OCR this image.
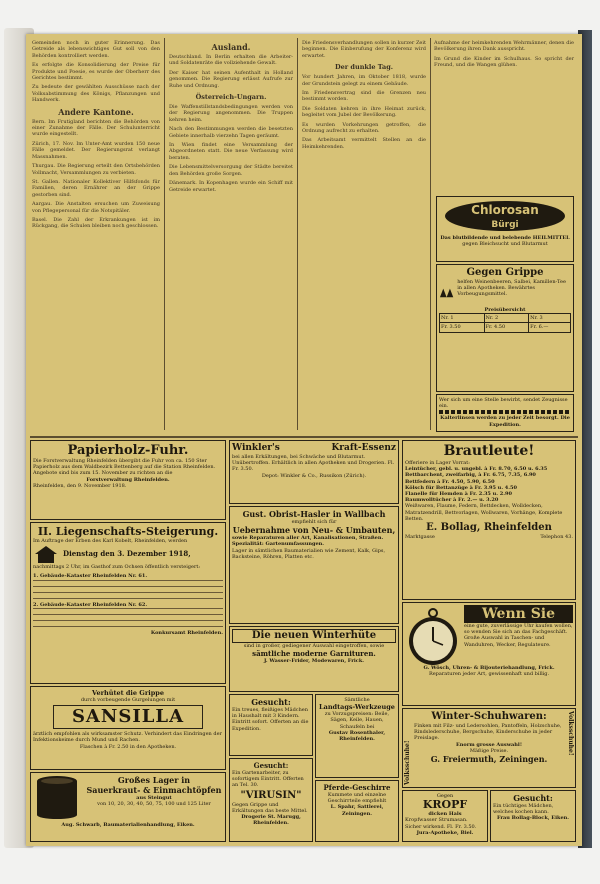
Gemeinden noch in guter Erinnerung. Das Getreide als lebenswichtiges Gut soll von den Behörden kontrolliert werden.

Es erfolgte die Konsolidierung der Preise für Produkte und Poesie, es wurde der Oberherr des Gerichtes bestimmt.

Zu bedeute der gewählten Ausschüsse nach der Volksabstimmung des Königs, Pflanzungen und Handwerk.

Andere Kantone.

Bern. Im Frutigland berichten die Behörden von einer Zunahme der Fälle. Der Schulunterricht wurde eingestellt.

Zürich, 17. Nov. Im Unter-Amt wurden 150 neue Fälle gemeldet. Der Regierungsrat verlangt Massnahmen.

Thurgau. Die Regierung erteilt den Ortsbehörden Vollmacht, Versammlungen zu verbieten.

St. Gallen. Nationaler Kollektiver Hilfsfonds für Familien, deren Ernährer an der Grippe gestorben sind.

Aargau. Die Anstalten ersuchen um Zuweisung von Pflegepersonal für die Notspitäler.

Basel. Die Zahl der Erkrankungen ist im Rückgang, die Schulen bleiben noch geschlossen.

Ausland.

Deutschland. In Berlin erhalten die Arbeiter- und Soldatenräte die vollziehende Gewalt.

Der Kaiser hat seinen Aufenthalt in Holland genommen. Die Regierung erlässt Aufrufe zur Ruhe und Ordnung.

Österreich-Ungarn.

Die Waffenstillstandsbedingungen werden von der Regierung angenommen. Die Truppen kehren heim.

Nach den Bestimmungen werden die besetzten Gebiete innerhalb vierzehn Tagen geräumt.

In Wien findet eine Versammlung der Abgeordneten statt. Die neue Verfassung wird beraten.

Die Lebensmittelversorgung der Städte bereitet den Behörden große Sorgen.

Dänemark. In Kopenhagen wurde ein Schiff mit Getreide erwartet.

Die Friedensverhandlungen sollen in kurzer Zeit beginnen. Die Einberufung der Konferenz wird erwartet.

Der dunkle Tag.

Vor hundert Jahren, im Oktober 1818, wurde der Grundstein gelegt zu einem Gebäude.

Im Friedensvertrag sind die Grenzen neu bestimmt worden.

Die Soldaten kehren in ihre Heimat zurück, begleitet vom Jubel der Bevölkerung.

Es wurden Vorkehrungen getroffen, die Ordnung aufrecht zu erhalten.

Das Arbeitsamt vermittelt Stellen an die Heimkehrenden.

Aufnahme der heimkehrenden Wehrmänner, denen die Bevölkerung ihren Dank ausspricht.

Im Grund die Kinder im Schulhaus. So spricht der Freund, und die Wangen glühen.

Chlorosan
Bürgi
Das blutbildende und belebende HEILMITTEL
gegen Bleichsucht und Blutarmut
Gegen Grippe
helfen Weinenbeeren, Salbei, Kamillen-Tee in allen Apotheken. Bewährtes Vorbeugungsmittel.
Preisübersicht
Nr. 1	Nr. 2	Nr. 3
Fr. 3.50	Fr. 4.50	Fr. 6.—
Wer sich um eine Stelle bewirbt, sendet Zeugnisse ein.
Kalterlinsen werden zu jeder Zeit besorgt. Die Expedition.
Papierholz-Fuhr.
Die Forstverwaltung Rheinfelden übergibt die Fuhr von ca. 150 Ster Papierholz aus dem Waldbezirk Bettenberg auf die Station Rheinfelden. Angebote sind bis zum 15. November zu richten an die
Forstverwaltung Rheinfelden.
Rheinfelden, den 9. November 1918.
II. Liegenschafts-Steigerung.
Im Auftrage der Erben des Karl Kobelt, Rheinfelden, werden
Dienstag den 3. Dezember 1918,
nachmittags 2 Uhr, im Gasthof zum Ochsen öffentlich versteigert:
1. Gebäude-Kataster Rheinfelden Nr. 61.
2. Gebäude-Kataster Rheinfelden Nr. 62.
Konkursamt Rheinfelden.
Verhütet die Grippe
durch vorbeugende Gurgelungen mit
SANSILLA
ärztlich empfohlen als wirksamster Schutz. Verhindert das Eindringen der Infektionskeime durch Mund und Rachen.
Flaschen à Fr. 2.50 in den Apotheken.
Großes Lager in
Sauerkraut- & Einmachtöpfen
aus Steingut
von 10, 20, 30, 40, 50, 75, 100 und 125 Liter
Aug. Schwarb, Baumaterialienhandlung, Eiken.
Winkler's	Kraft-Essenz
bei allen Erkältungen, bei Schwäche und Blutarmut. Unübertroffen. Erhältlich in allen Apotheken und Drogerien. Fl. Fr. 3.50.
Depot: Winkler & Co., Russikon (Zürich).
Gust. Obrist-Hasler in Wallbach
empfiehlt sich für
Uebernahme von Neu- & Umbauten,
sowie Reparaturen aller Art, Kanalisationen, Straßen. Spezialität: Gartenumfassungen.
Lager in sämtlichen Baumaterialien wie Zement, Kalk, Gips, Backsteine, Röhren, Platten etc.
Die neuen Winterhüte
sind in großer, gediegener Auswahl eingetroffen, sowie
sämtliche moderne Garnituren.
J. Wasser-Frider, Modewaren, Frick.
Gesucht:
Ein treues, fleißiges Mädchen in Haushalt mit 3 Kindern. Eintritt sofort. Offerten an die Expedition.
Gesucht:
Ein Gartenarbeiter, zu sofortigem Eintritt. Offerten an Tel. 30.
"VIRUSIN"
Gegen Grippe und Erkältungen das beste Mittel.
Drogerie St. Marugg, Rheinfelden.
Sämtliche
Landtags-Werkzeuge
zu Vorzugspreisen: Beile, Sägen, Keile, Hauen, Schaufeln bei
Gustav Rosenthaler, Rheinfelden.
Pferde-Geschirre
Kummete und einzelne Geschirrteile empfiehlt
L. Spahr, Sattlerei, Zeiningen.
Brautleute!
Offeriere in Lager Vorrat:
Leintücher, gebl. u. ungebl. à Fr. 8.70, 6.50 u. 6.35
Bettbarchent, zweifarbig, à Fr. 6.75, 7.35, 6.90
Bettfedern à Fr. 4.50, 5.90, 6.50
Kölsch für Bettanzüge à Fr. 3.95 u. 4.50
Flanelle für Hemden à Fr. 2.35 u. 2.90
Baumwolltücher à Fr. 2.— u. 3.20
Weißwaren, Flaume, Federn, Bettdecken, Wolldecken, Matratzendrill, Bettvorlagen, Wollwaren, Vorhänge, Komplete Betten.
E. Bollag, Rheinfelden
Marktgasse	Telephon 43.
Wenn Sie
eine gute, zuverlässige Uhr kaufen wollen, so wenden Sie sich an das Fachgeschäft. Große Auswahl in Taschen- und Wanduhren, Wecker, Regulateure.
G. Wösch, Uhren- & Bijouteriehandlung, Frick.
Reparaturen jeder Art, gewissenhaft und billig.
Volksschuhe!
Winter-Schuhwaren:
Finken mit Filz- und Ledersohlen, Pantoffeln, Holzschuhe, Rindslederschuhe, Bergschuhe, Kinderschuhe in jeder Preislage.
Enorm grosse Auswahl!
Mäßige Preise.
G. Freiermuth, Zeiningen.
Volksschuhe!
Gegen
KROPF
dicken Hals
Kropfwasser Strumasan. Sicher wirkend. Fl. Fr. 3.50.
Jura-Apotheke, Biel.
Gesucht:
Ein tüchtiges Mädchen, welches kochen kann.
Frau Bollag-Block, Eiken.
